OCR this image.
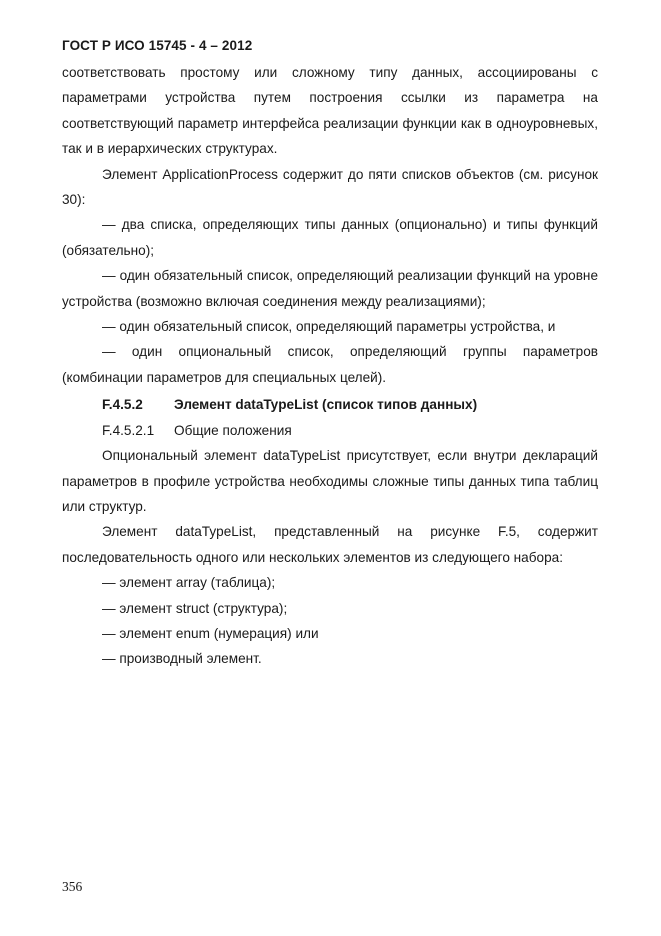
ГОСТ Р ИСО 15745 - 4 – 2012

соответствовать простому или сложному типу данных, ассоциированы с параметрами устройства путем построения ссылки из параметра на соответствующий параметр интерфейса реализации функции как в одноуровневых, так и в иерархических структурах.

Элемент ApplicationProcess содержит до пяти списков объектов (см. рисунок 30):

— два списка, определяющих типы данных (опционально) и типы функций (обязательно);

— один обязательный список, определяющий реализации функций на уровне устройства (возможно включая соединения между реализациями);

— один обязательный список, определяющий параметры устройства, и

— один опциональный список, определяющий группы параметров (комбинации параметров для специальных целей).

F.4.5.2 Элемент dataTypeList (список типов данных)

F.4.5.2.1 Общие положения

Опциональный элемент dataTypeList присутствует, если внутри деклараций параметров в профиле устройства необходимы сложные типы данных типа таблиц или структур.

Элемент dataTypeList, представленный на рисунке F.5, содержит последовательность одного или нескольких элементов из следующего набора:

— элемент array (таблица);

— элемент struct (структура);

— элемент enum (нумерация) или

— производный элемент.

356
